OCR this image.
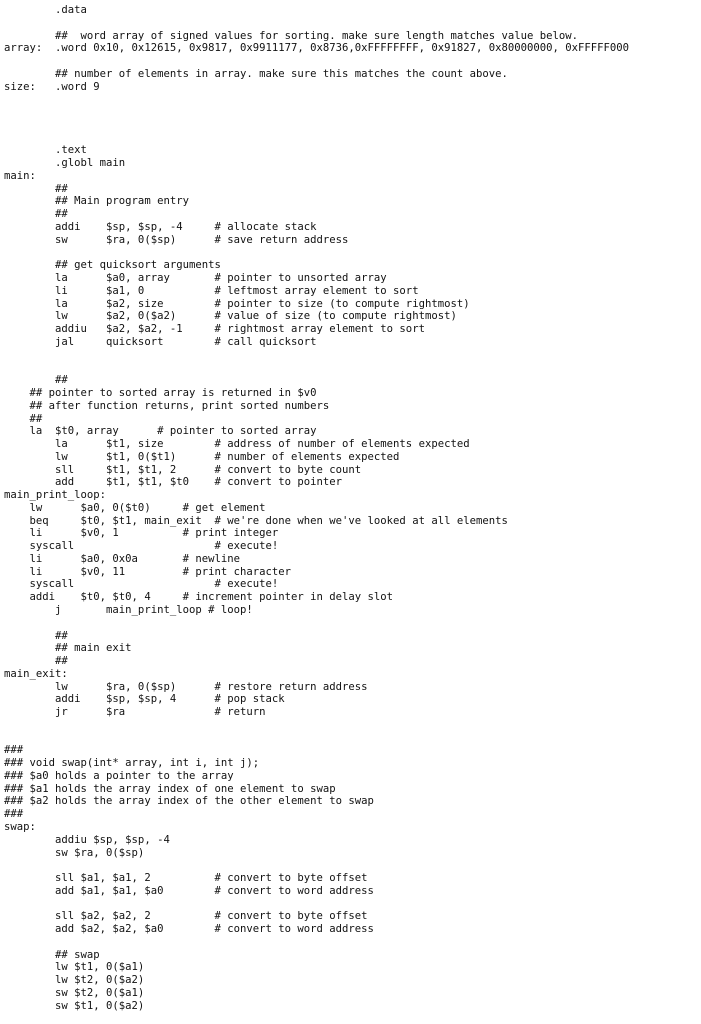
.data
##  word array of signed values for sorting. make sure length matches value below.
array:  .word 0x10, 0x12615, 0x9817, 0x9911177, 0x8736,0xFFFFFFFF, 0x91827, 0x80000000, 0xFFFFF000
## number of elements in array. make sure this matches the count above.
size:   .word 9
.text
.globl main
main:
##
## Main program entry
##
addi    $sp, $sp, -4     # allocate stack
sw      $ra, 0($sp)      # save return address
## get quicksort arguments
la      $a0, array       # pointer to unsorted array
li      $a1, 0           # leftmost array element to sort
la      $a2, size        # pointer to size (to compute rightmost)
lw      $a2, 0($a2)      # value of size (to compute rightmost)
addiu   $a2, $a2, -1     # rightmost array element to sort
jal     quicksort        # call quicksort
##
## pointer to sorted array is returned in $v0
## after function returns, print sorted numbers
##
la  $t0, array      # pointer to sorted array
la      $t1, size        # address of number of elements expected
lw      $t1, 0($t1)      # number of elements expected
sll     $t1, $t1, 2      # convert to byte count
add     $t1, $t1, $t0    # convert to pointer
main_print_loop:
lw      $a0, 0($t0)     # get element
beq     $t0, $t1, main_exit  # we're done when we've looked at all elements
li      $v0, 1          # print integer
syscall                      # execute!
li      $a0, 0x0a       # newline
li      $v0, 11         # print character
syscall                      # execute!
addi    $t0, $t0, 4     # increment pointer in delay slot
j       main_print_loop # loop!
##
## main exit
##
main_exit:
lw      $ra, 0($sp)      # restore return address
addi    $sp, $sp, 4      # pop stack
jr      $ra              # return
###
### void swap(int* array, int i, int j);
### $a0 holds a pointer to the array
### $a1 holds the array index of one element to swap
### $a2 holds the array index of the other element to swap
###
swap:
addiu $sp, $sp, -4
sw $ra, 0($sp)
sll $a1, $a1, 2          # convert to byte offset
add $a1, $a1, $a0        # convert to word address
sll $a2, $a2, 2          # convert to byte offset
add $a2, $a2, $a0        # convert to word address
## swap
lw $t1, 0($a1)
lw $t2, 0($a2)
sw $t2, 0($a1)
sw $t1, 0($a2)
